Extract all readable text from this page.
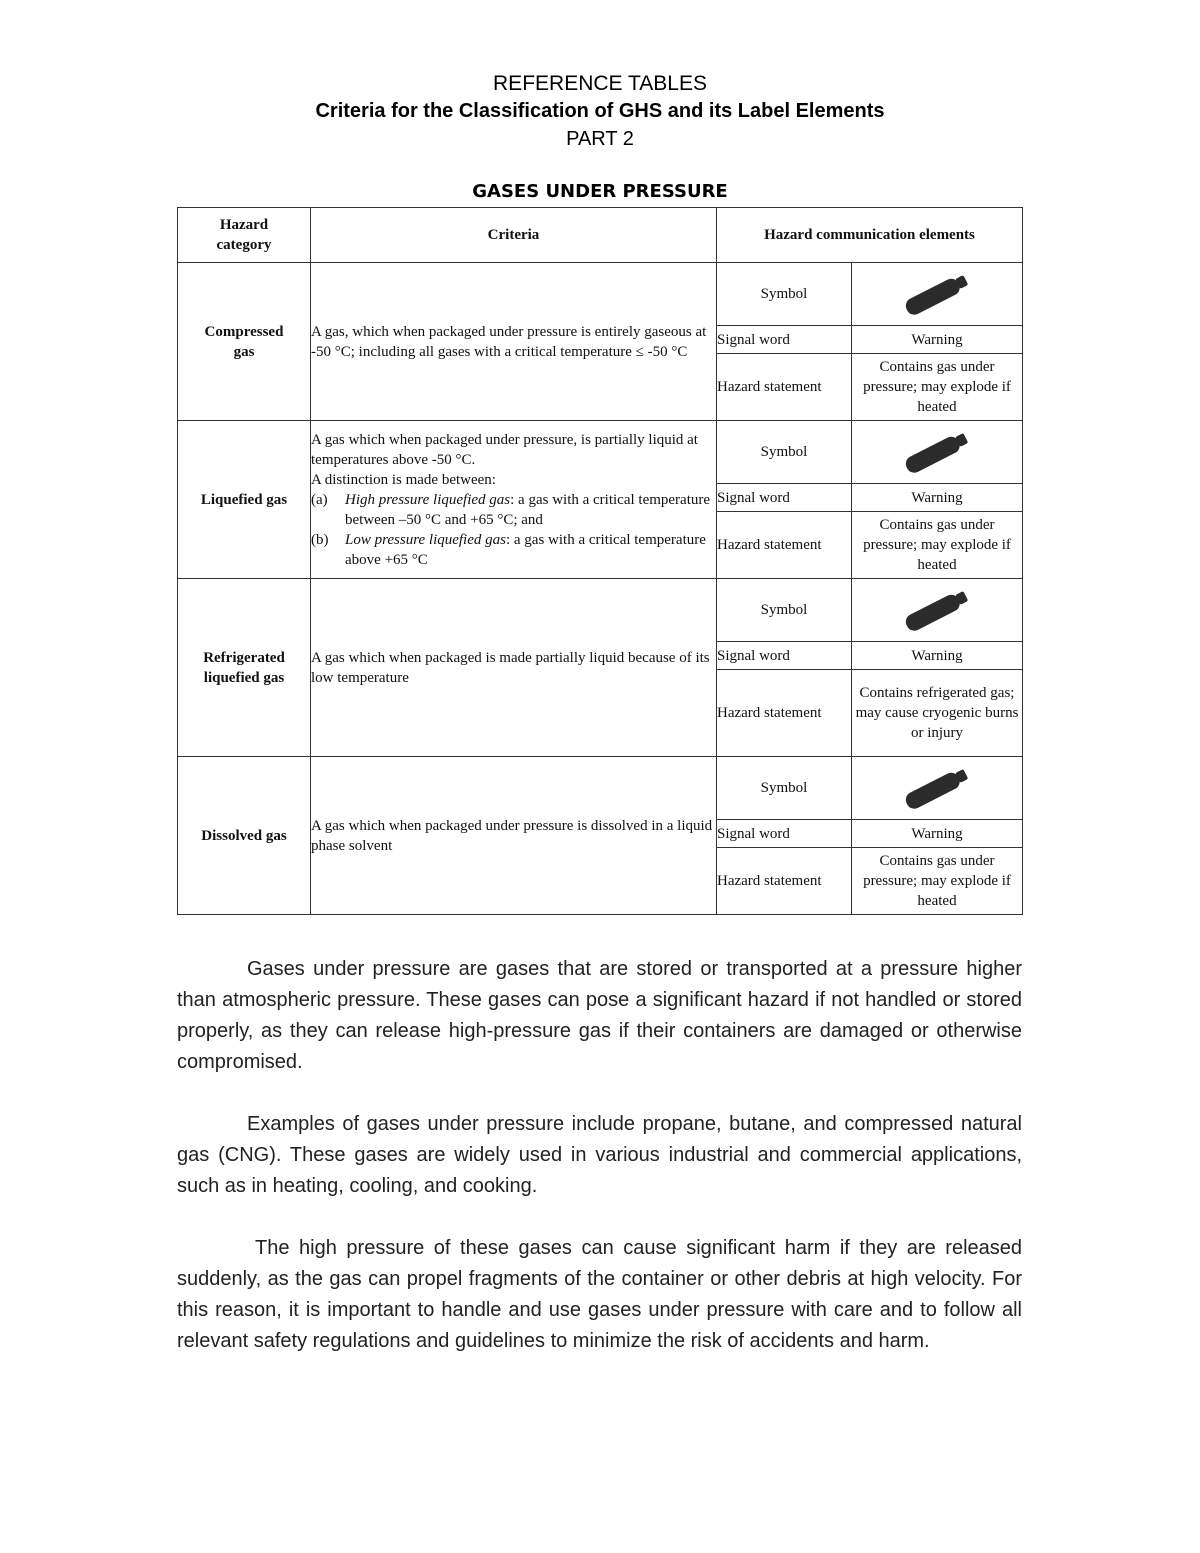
REFERENCE TABLES
Criteria for the Classification of GHS and its Label Elements
PART 2
GASES UNDER PRESSURE
Hazard category	Criteria	Hazard communication elements	
Compressed gas	A gas, which when packaged under pressure is entirely gaseous at -50 °C; including all gases with a critical temperature ≤ -50 °C	Symbol	

		Signal word	Warning
		Hazard statement	Contains gas under pressure; may explode if heated
Liquefied gas	A gas which when packaged under pressure, is partially liquid at temperatures above -50 °C.
A distinction is made between:
(a) High pressure liquefied gas: a gas with a critical temperature between –50 °C and +65 °C; and
(b) Low pressure liquefied gas: a gas with a critical temperature above +65 °C	Symbol	

		Signal word	Warning
		Hazard statement	Contains gas under pressure; may explode if heated
Refrigerated liquefied gas	A gas which when packaged is made partially liquid because of its low temperature	Symbol	

		Signal word	Warning
		Hazard statement	Contains refrigerated gas; may cause cryogenic burns or injury
Dissolved gas	A gas which when packaged under pressure is dissolved in a liquid phase solvent	Symbol	

		Signal word	Warning
		Hazard statement	Contains gas under pressure; may explode if heated

Gases under pressure are gases that are stored or transported at a pressure higher than atmospheric pressure. These gases can pose a significant hazard if not handled or stored properly, as they can release high-pressure gas if their containers are damaged or otherwise compromised.

Examples of gases under pressure include propane, butane, and compressed natural gas (CNG). These gases are widely used in various industrial and commercial applications, such as in heating, cooling, and cooking.

The high pressure of these gases can cause significant harm if they are released suddenly, as the gas can propel fragments of the container or other debris at high velocity. For this reason, it is important to handle and use gases under pressure with care and to follow all relevant safety regulations and guidelines to minimize the risk of accidents and harm.
